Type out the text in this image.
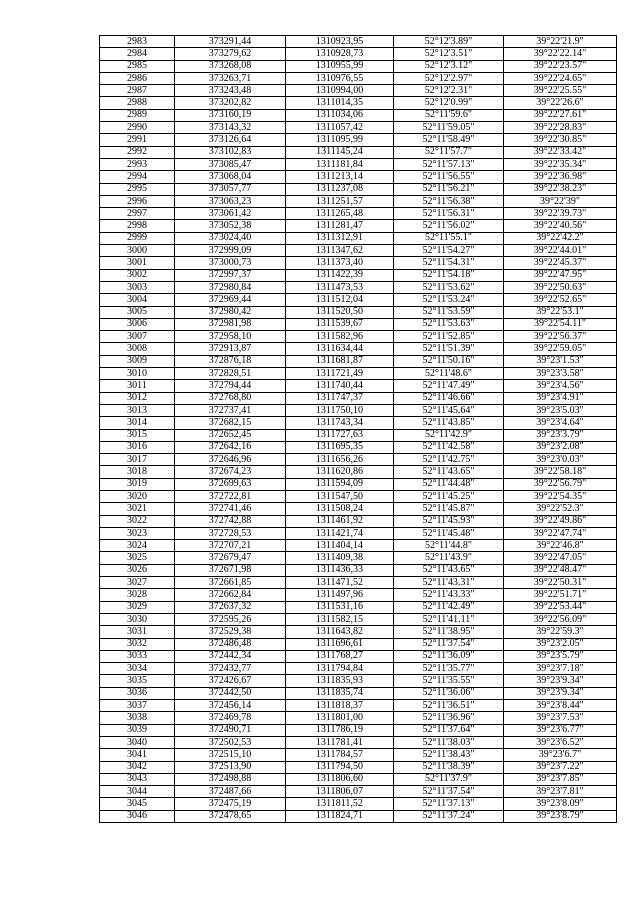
2983	373291,44	1310923,95	52°12'3.89"	39°22'21.9"
2984	373279,62	1310928,73	52°12'3.51"	39°22'22.14"
2985	373268,08	1310955,99	52°12'3.12"	39°22'23.57"
2986	373263,71	1310976,55	52°12'2.97"	39°22'24.65"
2987	373243,48	1310994,00	52°12'2.31"	39°22'25.55"
2988	373202,82	1311014,35	52°12'0.99"	39°22'26.6"
2989	373160,19	1311034,06	52°11'59.6"	39°22'27.61"
2990	373143,32	1311057,42	52°11'59.05"	39°22'28.83"
2991	373126,64	1311095,99	52°11'58.49"	39°22'30.85"
2992	373102,83	1311145,24	52°11'57.7"	39°22'33.42"
2993	373085,47	1311181,84	52°11'57.13"	39°22'35.34"
2994	373068,04	1311213,14	52°11'56.55"	39°22'36.98"
2995	373057,77	1311237,08	52°11'56.21"	39°22'38.23"
2996	373063,23	1311251,57	52°11'56.38"	39°22'39"
2997	373061,42	1311265,48	52°11'56.31"	39°22'39.73"
2998	373052,38	1311281,47	52°11'56.02"	39°22'40.56"
2999	373024,40	1311312,91	52°11'55.1"	39°22'42.2"
3000	372999,09	1311347,62	52°11'54.27"	39°22'44.01"
3001	373000,73	1311373,40	52°11'54.31"	39°22'45.37"
3002	372997,37	1311422,39	52°11'54.18"	39°22'47.95"
3003	372980,84	1311473,53	52°11'53.62"	39°22'50.63"
3004	372969,44	1311512,04	52°11'53.24"	39°22'52.65"
3005	372980,42	1311520,50	52°11'53.59"	39°22'53.1"
3006	372981,98	1311539,67	52°11'53.63"	39°22'54.11"
3007	372958,10	1311582,96	52°11'52.85"	39°22'56.37"
3008	372913,87	1311634,44	52°11'51.39"	39°22'59.05"
3009	372876,18	1311681,87	52°11'50.16"	39°23'1.53"
3010	372828,51	1311721,49	52°11'48.6"	39°23'3.58"
3011	372794,44	1311740,44	52°11'47.49"	39°23'4.56"
3012	372768,80	1311747,37	52°11'46.66"	39°23'4.91"
3013	372737,41	1311750,10	52°11'45.64"	39°23'5.03"
3014	372682,15	1311743,34	52°11'43.85"	39°23'4.64"
3015	372652,45	1311727,63	52°11'42.9"	39°23'3.79"
3016	372642,16	1311695,35	52°11'42.58"	39°23'2.08"
3017	372646,96	1311656,26	52°11'42.75"	39°23'0.03"
3018	372674,23	1311620,86	52°11'43.65"	39°22'58.18"
3019	372699,63	1311594,09	52°11'44.48"	39°22'56.79"
3020	372722,81	1311547,50	52°11'45.25"	39°22'54.35"
3021	372741,46	1311508,24	52°11'45.87"	39°22'52.3"
3022	372742,88	1311461,92	52°11'45.93"	39°22'49.86"
3023	372728,53	1311421,74	52°11'45.48"	39°22'47.74"
3024	372707,21	1311404,14	52°11'44.8"	39°22'46.8"
3025	372679,47	1311409,38	52°11'43.9"	39°22'47.05"
3026	372671,98	1311436,33	52°11'43.65"	39°22'48.47"
3027	372661,85	1311471,52	52°11'43.31"	39°22'50.31"
3028	372662,84	1311497,96	52°11'43.33"	39°22'51.71"
3029	372637,32	1311531,16	52°11'42.49"	39°22'53.44"
3030	372595,26	1311582,15	52°11'41.11"	39°22'56.09"
3031	372529,38	1311643,82	52°11'38.95"	39°22'59.3"
3032	372486,48	1311696,61	52°11'37.54"	39°23'2.05"
3033	372442,34	1311768,27	52°11'36.09"	39°23'5.79"
3034	372432,77	1311794,84	52°11'35.77"	39°23'7.18"
3035	372426,67	1311835,93	52°11'35.55"	39°23'9.34"
3036	372442,50	1311835,74	52°11'36.06"	39°23'9.34"
3037	372456,14	1311818,37	52°11'36.51"	39°23'8.44"
3038	372469,78	1311801,00	52°11'36.96"	39°23'7.53"
3039	372490,71	1311786,19	52°11'37.64"	39°23'6.77"
3040	372502,53	1311781,41	52°11'38.03"	39°23'6.52"
3041	372515,10	1311784,57	52°11'38.43"	39°23'6.7"
3042	372513,90	1311794,50	52°11'38.39"	39°23'7.22"
3043	372498,88	1311806,60	52°11'37.9"	39°23'7.85"
3044	372487,66	1311806,07	52°11'37.54"	39°23'7.81"
3045	372475,19	1311811,52	52°11'37.13"	39°23'8.09"
3046	372478,65	1311824,71	52°11'37.24"	39°23'8.79"
